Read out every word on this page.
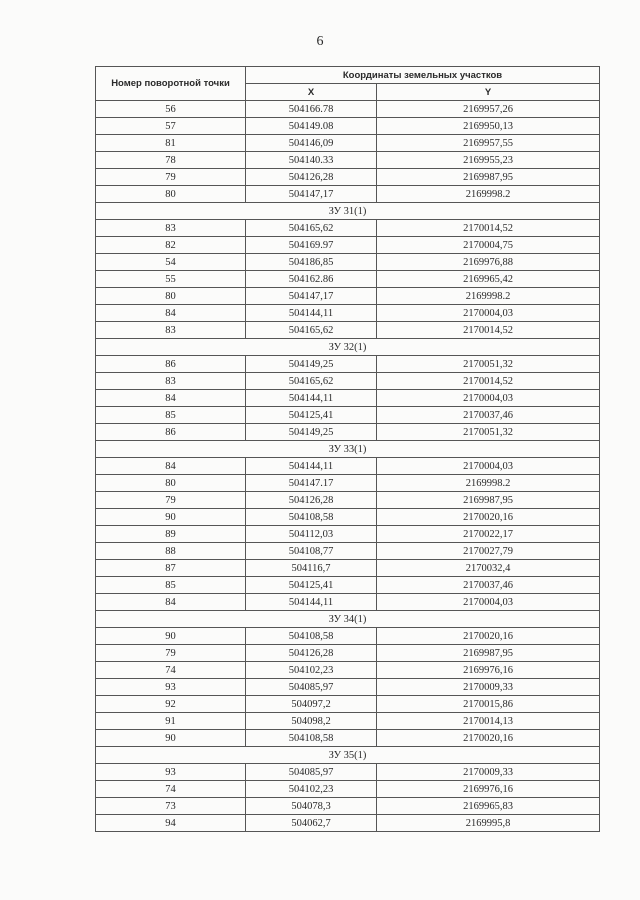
6
Номер поворотной точки	Координаты земельных участков	
	X	Y
56	504166.78	2169957,26
57	504149.08	2169950,13
81	504146,09	2169957,55
78	504140.33	2169955,23
79	504126,28	2169987,95
80	504147,17	2169998.2
ЗУ 31(1)		
83	504165,62	2170014,52
82	504169.97	2170004,75
54	504186,85	2169976,88
55	504162.86	2169965,42
80	504147,17	2169998.2
84	504144,11	2170004,03
83	504165,62	2170014,52
ЗУ 32(1)		
86	504149,25	2170051,32
83	504165,62	2170014,52
84	504144,11	2170004,03
85	504125,41	2170037,46
86	504149,25	2170051,32
ЗУ 33(1)		
84	504144,11	2170004,03
80	504147.17	2169998.2
79	504126,28	2169987,95
90	504108,58	2170020,16
89	504112,03	2170022,17
88	504108,77	2170027,79
87	504116,7	2170032,4
85	504125,41	2170037,46
84	504144,11	2170004,03
ЗУ 34(1)		
90	504108,58	2170020,16
79	504126,28	2169987,95
74	504102,23	2169976,16
93	504085,97	2170009,33
92	504097,2	2170015,86
91	504098,2	2170014,13
90	504108,58	2170020,16
ЗУ 35(1)		
93	504085,97	2170009,33
74	504102,23	2169976,16
73	504078,3	2169965,83
94	504062,7	2169995,8
